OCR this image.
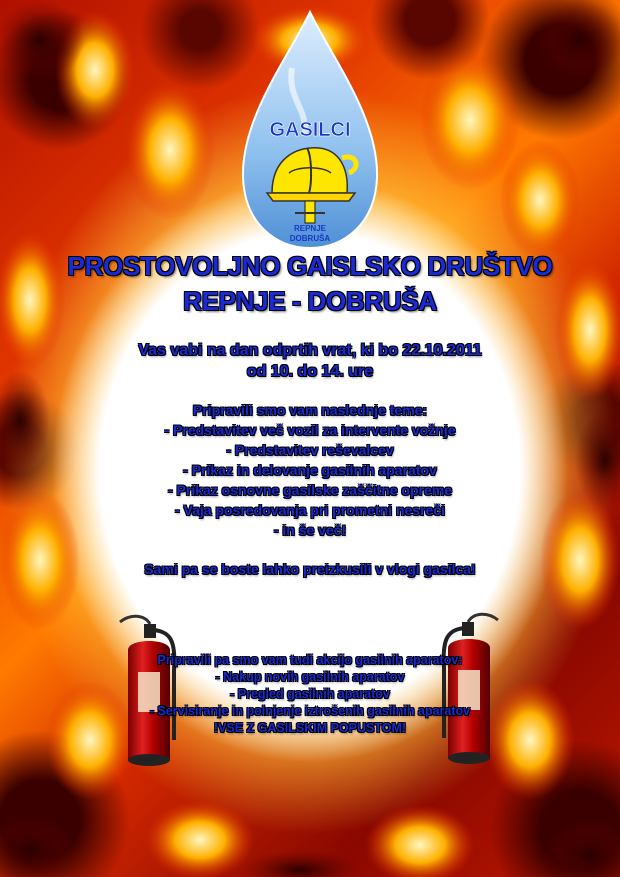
GASILCI
REPNJE
DOBRUŠA
PROSTOVOLJNO GAISLSKO DRUŠTVO
REPNJE - DOBRUŠA

Vas vabi na dan odprtih vrat, ki bo 22.10.2011

od 10. do 14. ure

Pripravili smo vam naslednje teme:

- Predstavitev več vozil za intervente vožnje

- Predstavitev reševalcev

- Prikaz in delovanje gasilnih aparatov

- Prikaz osnovne gasilske zaščitne opreme

- Vaja posredovanja pri prometni nesreči

- in še več!

Sami pa se boste lahko preizkusili v vlogi gasilca!

Pripravili pa smo vam tudi akcijo gasilnih aparatov:

- Nakup novih gasilnih aparatov

- Pregled gasilnih aparatov

- Servisiranje in polnjenje iztrošenih gasilnih aparatov

!VSE Z GASILSKIM POPUSTOM!
